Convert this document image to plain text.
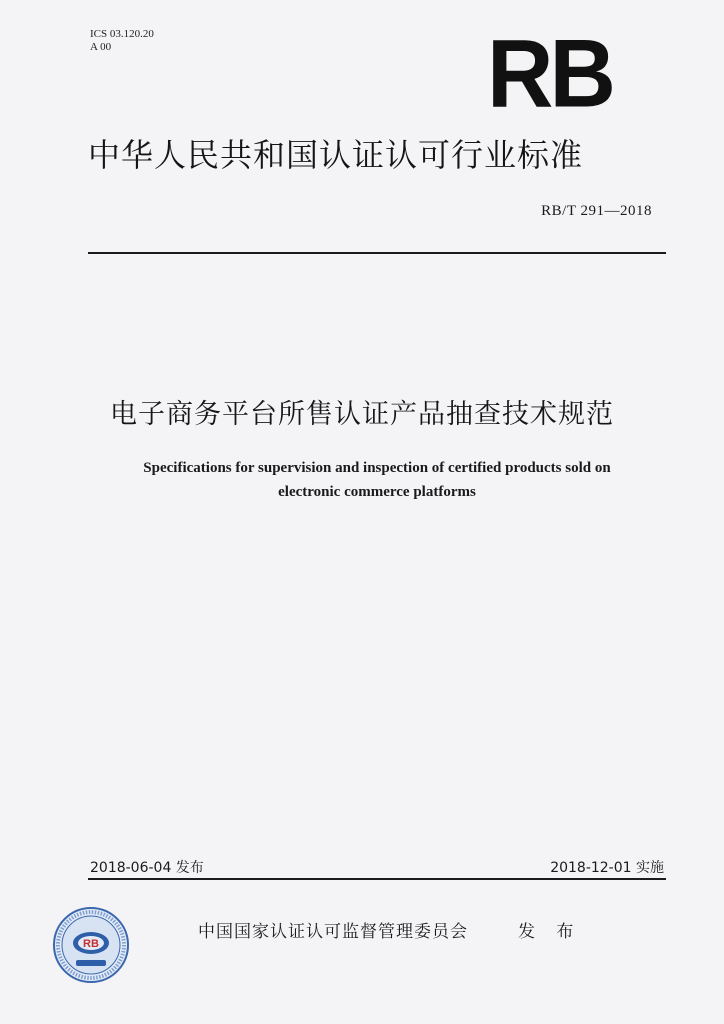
ICS 03.120.20
A 00	RB
中华人民共和国认证认可行业标准
RB/T 291—2018
电子商务平台所售认证产品抽查技术规范
Specifications for supervision and inspection of certified products sold on
electronic commerce platforms
2018-06-04 发布	2018-12-01 实施
RB
中国国家认证认可监督管理委员会	发 布
